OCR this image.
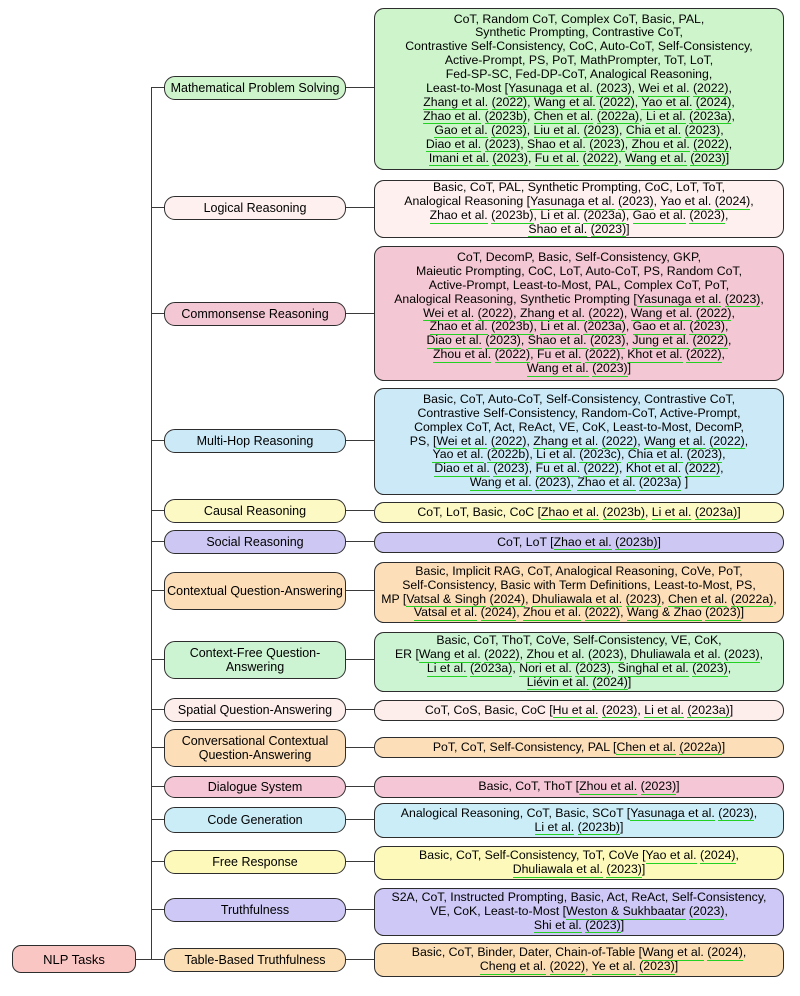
NLP Tasks
Mathematical Problem Solving
CoT, Random CoT, Complex CoT, Basic, PAL,
Synthetic Prompting, Contrastive CoT,
Contrastive Self-Consistency, CoC, Auto-CoT, Self-Consistency,
Active-Prompt, PS, PoT, MathPrompter, ToT, LoT,
Fed-SP-SC, Fed-DP-CoT, Analogical Reasoning,
Least-to-Most [Yasunaga et al. (2023), Wei et al. (2022),
Zhang et al. (2022), Wang et al. (2022), Yao et al. (2024),
Zhao et al. (2023b), Chen et al. (2022a), Li et al. (2023a),
Gao et al. (2023), Liu et al. (2023), Chia et al. (2023),
Diao et al. (2023), Shao et al. (2023), Zhou et al. (2022),
Imani et al. (2023), Fu et al. (2022), Wang et al. (2023)]
Logical Reasoning
Basic, CoT, PAL, Synthetic Prompting, CoC, LoT, ToT,
Analogical Reasoning [Yasunaga et al. (2023), Yao et al. (2024),
Zhao et al. (2023b), Li et al. (2023a), Gao et al. (2023),
Shao et al. (2023)]
Commonsense Reasoning
CoT, DecomP, Basic, Self-Consistency, GKP,
Maieutic Prompting, CoC, LoT, Auto-CoT, PS, Random CoT,
Active-Prompt, Least-to-Most, PAL, Complex CoT, PoT,
Analogical Reasoning, Synthetic Prompting [Yasunaga et al. (2023),
Wei et al. (2022), Zhang et al. (2022), Wang et al. (2022),
Zhao et al. (2023b), Li et al. (2023a), Gao et al. (2023),
Diao et al. (2023), Shao et al. (2023), Jung et al. (2022),
Zhou et al. (2022), Fu et al. (2022), Khot et al. (2022),
Wang et al. (2023)]
Multi-Hop Reasoning
Basic, CoT, Auto-CoT, Self-Consistency, Contrastive CoT,
Contrastive Self-Consistency, Random-CoT, Active-Prompt,
Complex CoT, Act, ReAct, VE, CoK, Least-to-Most, DecomP,
PS, [Wei et al. (2022), Zhang et al. (2022), Wang et al. (2022),
Yao et al. (2022b), Li et al. (2023c), Chia et al. (2023),
Diao et al. (2023), Fu et al. (2022), Khot et al. (2022),
Wang et al. (2023), Zhao et al. (2023a) ]
Causal Reasoning	CoT, LoT, Basic, CoC [Zhao et al. (2023b), Li et al. (2023a)]
Social Reasoning	CoT, LoT [Zhao et al. (2023b)]
Contextual Question-Answering
Basic, Implicit RAG, CoT, Analogical Reasoning, CoVe, PoT,
Self-Consistency, Basic with Term Definitions, Least-to-Most, PS,
MP [Vatsal & Singh (2024), Dhuliawala et al. (2023), Chen et al. (2022a),
Vatsal et al. (2024), Zhou et al. (2022), Wang & Zhao (2023)]
Context-Free Question-Answering
Basic, CoT, ThoT, CoVe, Self-Consistency, VE, CoK,
ER [Wang et al. (2022), Zhou et al. (2023), Dhuliawala et al. (2023),
Li et al. (2023a), Nori et al. (2023), Singhal et al. (2023),
Liévin et al. (2024)]
Spatial Question-Answering	CoT, CoS, Basic, CoC [Hu et al. (2023), Li et al. (2023a)]
Conversational Contextual Question-Answering
PoT, CoT, Self-Consistency, PAL [Chen et al. (2022a)]
Dialogue System	Basic, CoT, ThoT [Zhou et al. (2023)]
Code Generation
Analogical Reasoning, CoT, Basic, SCoT [Yasunaga et al. (2023),
Li et al. (2023b)]
Free Response	Basic, CoT, Self-Consistency, ToT, CoVe [Yao et al. (2024),
Dhuliawala et al. (2023)]
Truthfulness
S2A, CoT, Instructed Prompting, Basic, Act, ReAct, Self-Consistency,
VE, CoK, Least-to-Most [Weston & Sukhbaatar (2023),
Shi et al. (2023)]
Table-Based Truthfulness
Basic, CoT, Binder, Dater, Chain-of-Table [Wang et al. (2024),
Cheng et al. (2022), Ye et al. (2023)]
